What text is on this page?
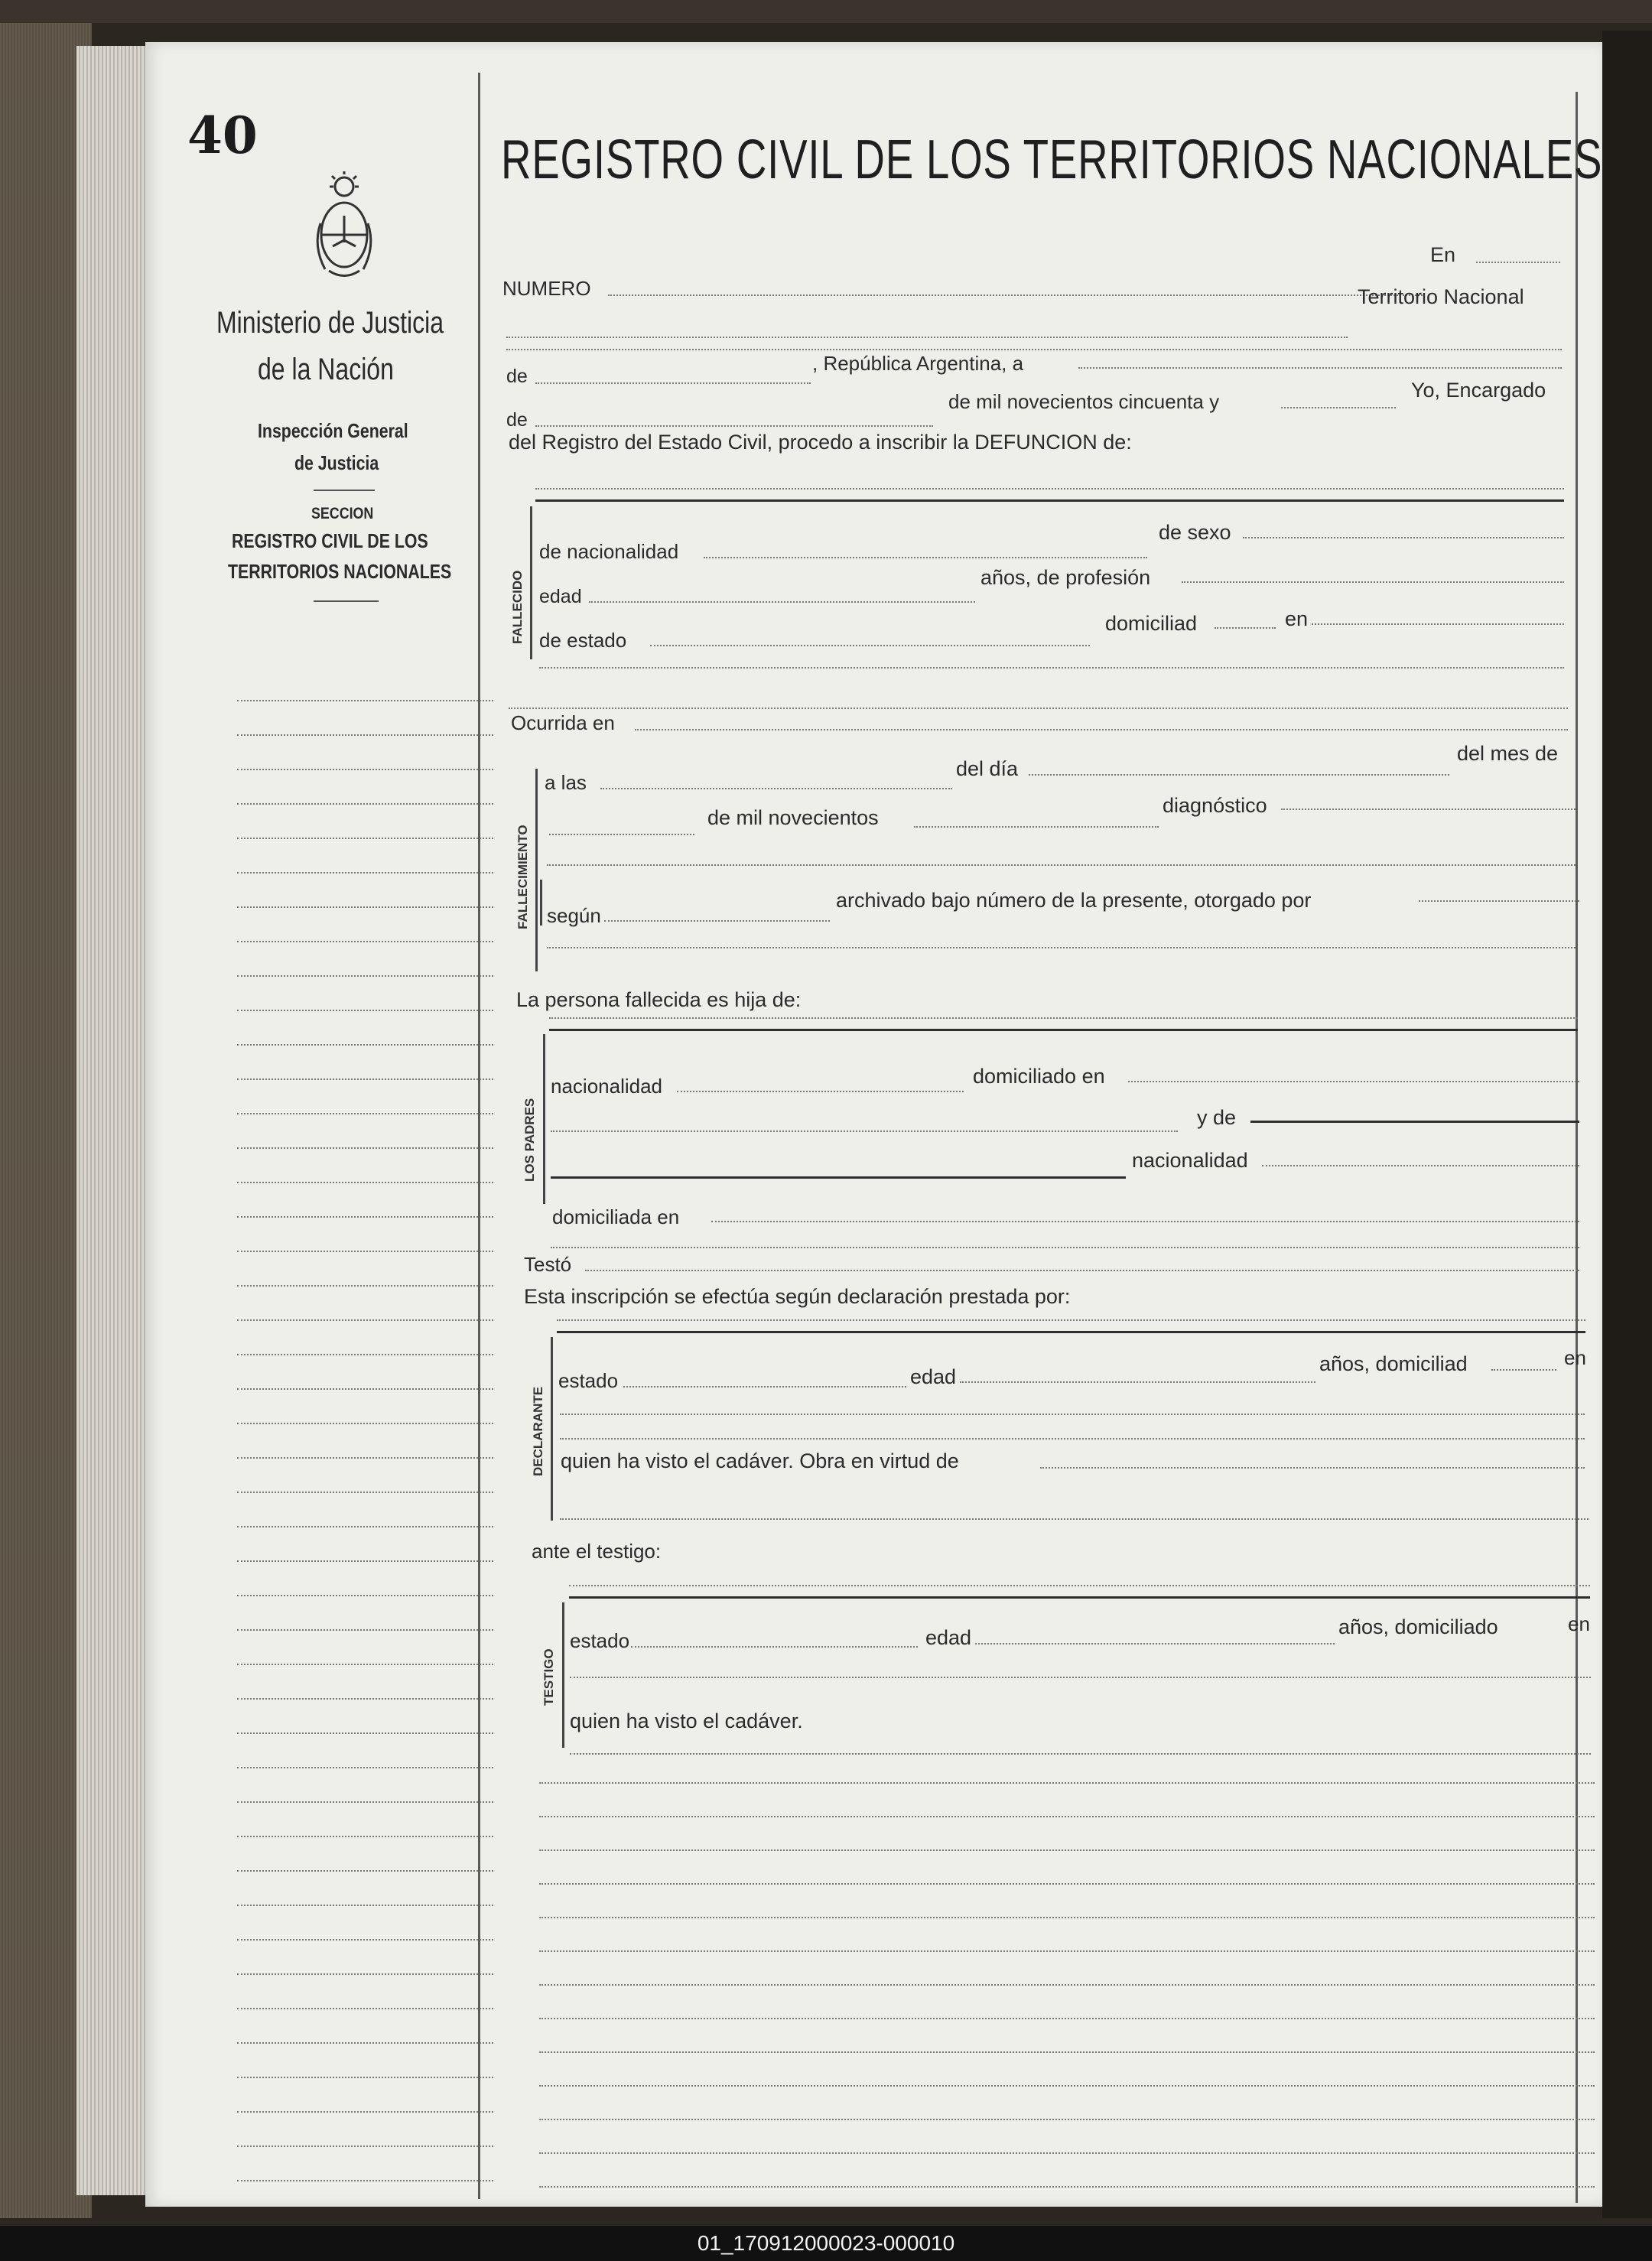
40
Ministerio de Justicia
de la Nación
Inspección General
de Justicia
SECCION
REGISTRO CIVIL DE LOS
TERRITORIOS NACIONALES
REGISTRO CIVIL DE LOS TERRITORIOS NACIONALES
En
NUMERO	Territorio Nacional
de
, República Argentina, a
de
de mil novecientos cincuenta y	Yo, Encargado
del Registro del Estado Civil, procedo a inscribir la DEFUNCION de:
FALLECIDO
de nacionalidad
de sexo
edad
años, de profesión
de estado
domiciliad	en
Ocurrida en
FALLECIMIENTO
a las
del día
del mes de
de mil novecientos
diagnóstico
según
archivado bajo número de la presente, otorgado por
La persona fallecida es hija de:
LOS PADRES
nacionalidad	domiciliado en
y de
nacionalidad
domiciliada en
Testó
Esta inscripción se efectúa según declaración prestada por:
DECLARANTE
estado	edad
años, domiciliad	en
quien ha visto el cadáver. Obra en virtud de
ante el testigo:
TESTIGO
estado	edad	años, domiciliado	en
quien ha visto el cadáver.
01_170912000023-000010
